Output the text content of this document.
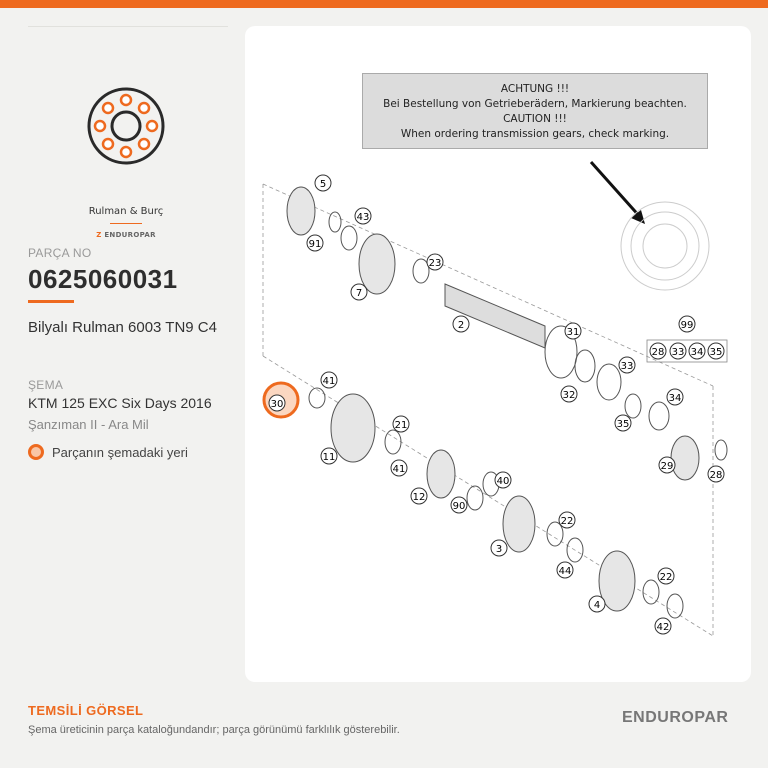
Rulman & Burç
Z ENDUROPAR
PARÇA NO
0625060031
Bilyalı Rulman 6003 TN9 C4
ŞEMA
KTM 125 EXC Six Days 2016
Şanzıman II - Ara Mil
Parçanın şemadaki yeri
ACHTUNG !!!
Bei Bestellung von Getrieberädern, Markierung beachten.
CAUTION !!!
When ordering transmission gears, check marking.
5
43
91
7
23
2
31
32
33
35
34
99
28 33 34 35
29
28
41
30
11
21
41
12
40
90
3
22
44
22
4
42
TEMSİLİ GÖRSEL
Şema üreticinin parça kataloğundandır; parça görünümü farklılık gösterebilir.
ENDUROPAR
